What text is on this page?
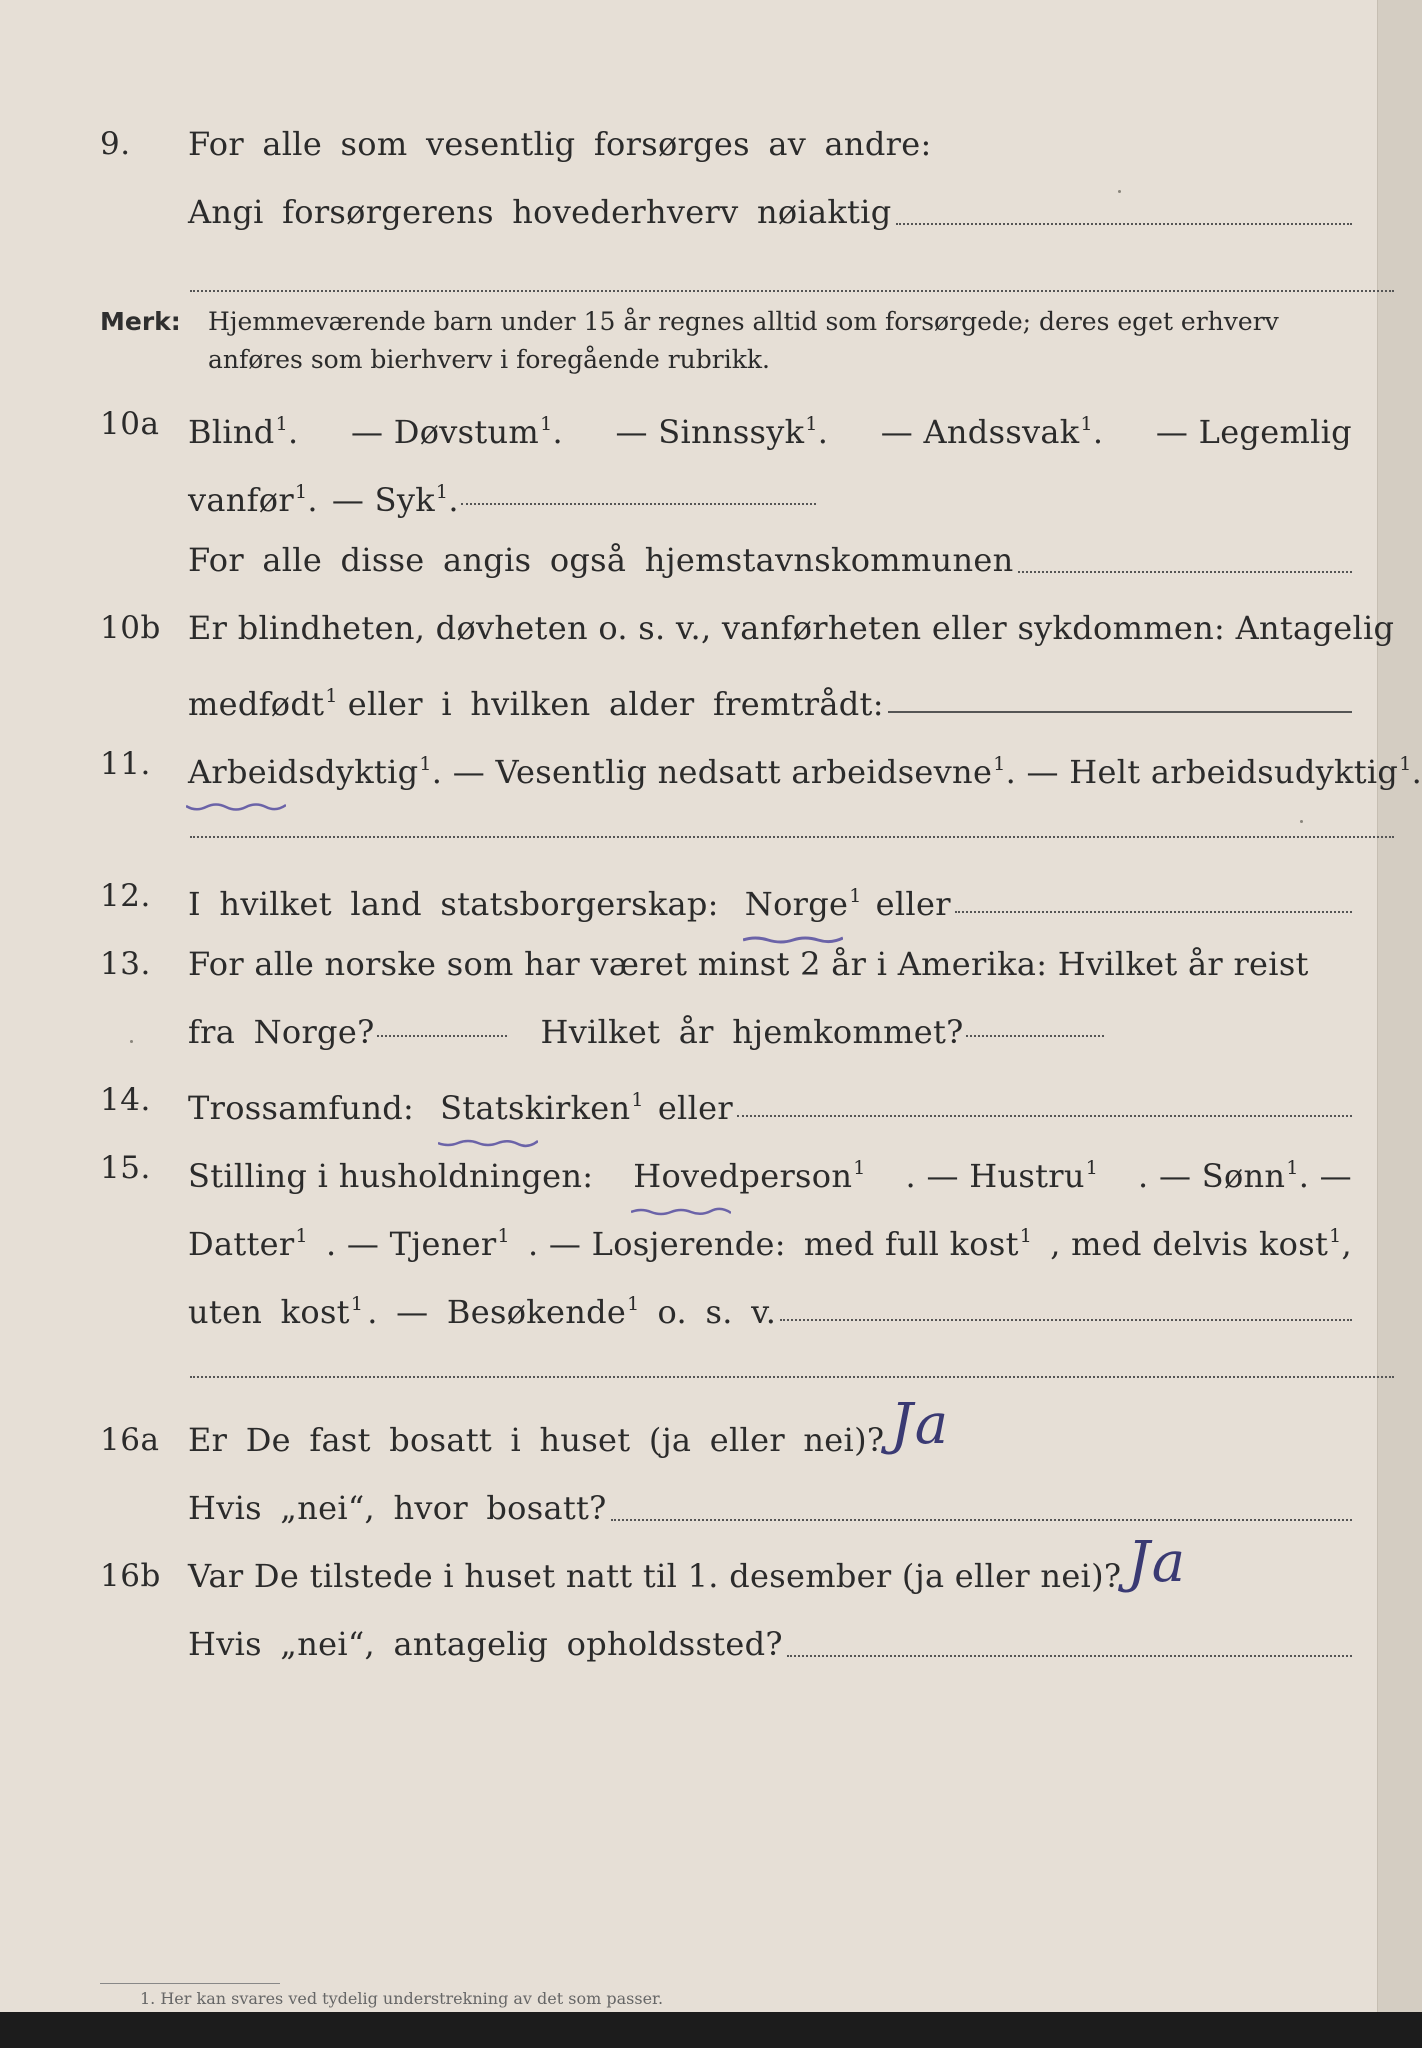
9. For alle som vesentlig forsørges av andre:
Angi forsørgerens hovederhverv nøiaktig
Merk: Hjemmeværende barn under 15 år regnes alltid som forsørgede; deres eget erhverv
anføres som bierhverv i foregående rubrikk.
10a Blind$^1$. — Døvstum$^1$. — Sinnssyk$^1$. — Andssvak$^1$. — Legemlig
vanfør$^1$. — Syk$^1$.
For alle disse angis også hjemstavnskommunen
10b Er blindheten, døvheten o. s. v., vanførheten eller sykdommen: Antagelig
medfødt$^1$ eller i hvilken alder fremtrådt:
11. Arbeidsdyktig$^1$ . — Vesentlig nedsatt arbeidsevne$^1$ . — Helt arbeidsudyktig$^1$.
12. I hvilket land statsborgerskap: Norge$^1$ eller
13. For alle norske som har været minst 2 år i Amerika: Hvilket år reist
fra Norge?	Hvilket år hjemkommet?
14. Trossamfund: Statskirken$^1$ eller
15. Stilling i husholdningen: Hovedperson$^1$ . — Hustru$^1$ . — Sønn$^1$. —
Datter$^1$ . — Tjener$^1$ . — Losjerende: med full kost$^1$ , med delvis kost$^1$,
uten kost$^1$ . — Besøkende$^1$ o. s. v.
16a Er De fast bosatt i huset (ja eller nei)? Ja
Hvis „nei“, hvor bosatt?
16b Var De tilstede i huset natt til 1. desember (ja eller nei)? Ja
Hvis „nei“, antagelig opholdssted?
1. Her kan svares ved tydelig understrekning av det som passer.
